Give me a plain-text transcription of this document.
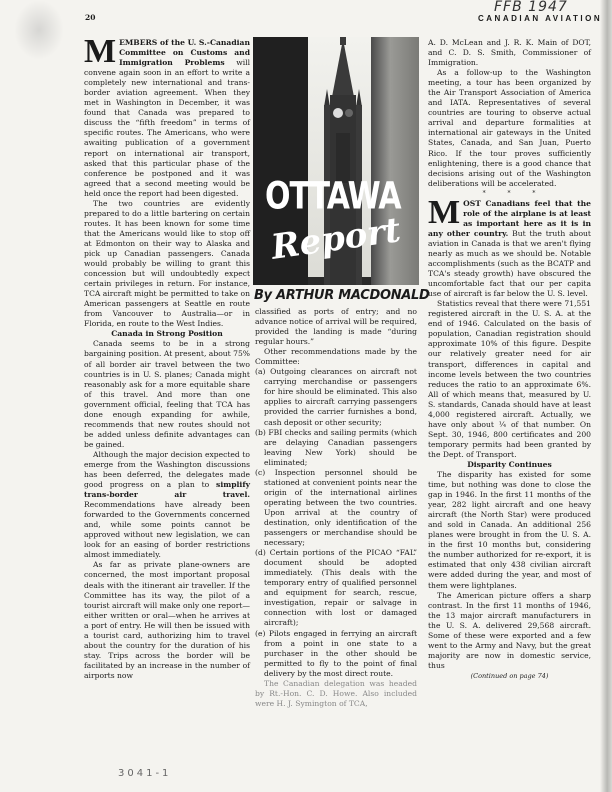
20
FFB 1947
CANADIAN AVIATION

MEMBERS of the U. S.-Canadian Committee on Customs and Immigration Problems will convene again soon in an effort to write a completely new international and trans-border aviation agreement. When they met in Washington in December, it was found that Canada was prepared to discuss the “fifth freedom” in terms of specific routes. The Americans, who were awaiting publication of a government report on international air transport, asked that this particular phase of the conference be postponed and it was agreed that a second meeting would be held once the report had been digested.

The two countries are evidently prepared to do a little bartering on certain routes. It has been known for some time that the Americans would like to stop off at Edmonton on their way to Alaska and pick up Canadian passengers. Canada would probably be willing to grant this concession but will undoubtedly expect certain privileges in return. For instance, TCA aircraft might be permitted to take on American passengers at Seattle en route from Vancouver to Australia—or in Florida, en route to the West Indies.

Canada in Strong Position

Canada seems to be in a strong bargaining position. At present, about 75% of all border air travel between the two countries is in U. S. planes; Canada might reasonably ask for a more equitable share of this travel. And more than one government official, feeling that TCA has done enough expanding for awhile, recommends that new routes should not be added unless definite advantages can be gained.

Although the major decision expected to emerge from the Washington discussions has been deferred, the delegates made good progress on a plan to simplify trans-border air travel. Recommendations have already been forwarded to the Governments concerned and, while some points cannot be approved without new legislation, we can look for an easing of border restrictions almost immediately.

As far as private plane-owners are concerned, the most important proposal deals with the itinerant air traveller. If the Committee has its way, the pilot of a tourist aircraft will make only one report—either written or oral—when he arrives at a port of entry. He will then be issued with a tourist card, authorizing him to travel about the country for the duration of his stay. Trips across the border will be facilitated by an increase in the number of airports now

OTTAWA
Report
By ARTHUR MACDONALD

classified as ports of entry; and no advance notice of arrival will be required, provided the landing is made “during regular hours.”

Other recommendations made by the Committee:

(a) Outgoing clearances on aircraft not carrying merchandise or passengers for hire should be eliminated. This also applies to aircraft carrying passengers provided the carrier furnishes a bond, cash deposit or other security;

(b) FBI checks and sailing permits (which are delaying Canadian passengers leaving New York) should be eliminated;

(c) Inspection personnel should be stationed at convenient points near the origin of the international airlines operating between the two countries. Upon arrival at the country of destination, only identification of the passengers or merchandise should be necessary;

(d) Certain portions of the PICAO “FAL” document should be adopted immediately. (This deals with the temporary entry of qualified personnel and equipment for search, rescue, investigation, repair or salvage in connection with lost or damaged aircraft);

(e) Pilots engaged in ferrying an aircraft from a point in one state to a purchaser in the other should be permitted to fly to the point of final delivery by the most direct route.

The Canadian delegation was headed by Rt.-Hon. C. D. Howe. Also included were H. J. Symington of TCA,

A. D. McLean and J. R. K. Main of DOT, and C. D. S. Smith, Commissioner of Immigration.

As a follow-up to the Washington meeting, a tour has been organized by the Air Transport Association of America and IATA. Representatives of several countries are touring to observe actual arrival and departure formalities at international air gateways in the United States, Canada, and San Juan, Puerto Rico. If the tour proves sufficiently enlightening, there is a good chance that decisions arising out of the Washington deliberations will be accelerated.

* * *

MOST Canadians feel that the role of the airplane is at least as important here as it is in any other country. But the truth about aviation in Canada is that we aren't flying nearly as much as we should be. Notable accomplishments (such as the BCATP and TCA's steady growth) have obscured the uncomfortable fact that our per capita use of aircraft is far below the U. S. level.

Statistics reveal that there were 71,551 registered aircraft in the U. S. A. at the end of 1946. Calculated on the basis of population, Canadian registration should approximate 10% of this figure. Despite our relatively greater need for air transport, differences in capital and income levels between the two countries reduces the ratio to an approximate 6%. All of which means that, measured by U. S. standards, Canada should have at least 4,000 registered aircraft. Actually, we have only about ¼ of that number. On Sept. 30, 1946, 800 certificates and 200 temporary permits had been granted by the Dept. of Transport.

Disparity Continues

The disparity has existed for some time, but nothing was done to close the gap in 1946. In the first 11 months of the year, 282 light aircraft and one heavy aircraft (the North Star) were produced and sold in Canada. An additional 256 planes were brought in from the U. S. A. in the first 10 months but, considering the number authorized for re-export, it is estimated that only 438 civilian aircraft were added during the year, and most of them were lightplanes.

The American picture offers a sharp contrast. In the first 11 months of 1946, the 13 major aircraft manufacturers in the U. S. A. delivered 29,568 aircraft. Some of these were exported and a few went to the Army and Navy, but the great majority are now in domestic service, thus

(Continued on page 74)

3041-1
